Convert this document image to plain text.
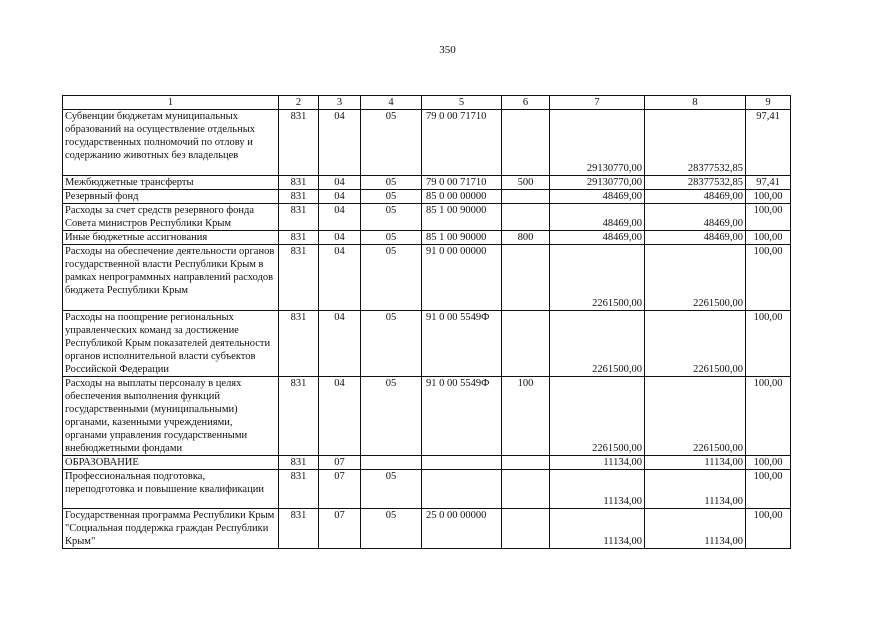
350
1	2	3	4	5	6	7	8	9
Субвенции бюджетам муниципальных образований на осуществление отдельных государственных полномочий по отлову и содержанию животных без владельцев	831	04	05	79 0 00 71710		29130770,00	28377532,85	97,41
Межбюджетные трансферты	831	04	05	79 0 00 71710	500	29130770,00	28377532,85	97,41
Резервный фонд	831	04	05	85 0 00 00000		48469,00	48469,00	100,00
Расходы за счет средств резервного фонда Совета министров Республики Крым	831	04	05	85 1 00 90000		48469,00	48469,00	100,00
Иные бюджетные ассигнования	831	04	05	85 1 00 90000	800	48469,00	48469,00	100,00
Расходы на обеспечение деятельности органов государственной власти Республики Крым в рамках непрограммных направлений расходов бюджета Республики Крым	831	04	05	91 0 00 00000		2261500,00	2261500,00	100,00
Расходы на поощрение региональных управленческих команд за достижение Республикой Крым показателей деятельности органов исполнительной власти субъектов Российской Федерации	831	04	05	91 0 00 5549Ф		2261500,00	2261500,00	100,00
Расходы на выплаты персоналу в целях обеспечения выполнения функций государственными (муниципальными) органами, казенными учреждениями, органами управления государственными внебюджетными фондами	831	04	05	91 0 00 5549Ф	100	2261500,00	2261500,00	100,00
ОБРАЗОВАНИЕ	831	07				11134,00	11134,00	100,00
Профессиональная подготовка, переподготовка и повышение квалификации	831	07	05			11134,00	11134,00	100,00
Государственная программа Республики Крым "Социальная поддержка граждан Республики Крым"	831	07	05	25 0 00 00000		11134,00	11134,00	100,00
